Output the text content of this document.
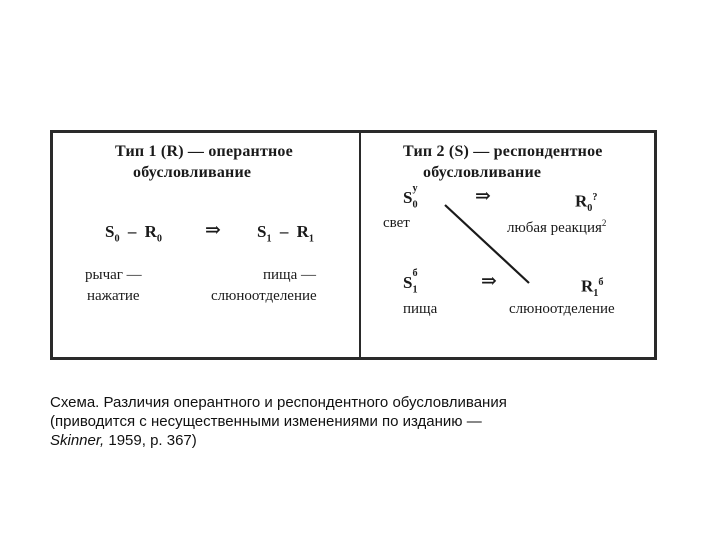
Тип 1 (R) — оперантное
обусловливание
$S_0 - R_0$ ⇒ $S_1 - R_1$
рычаг —
нажатие
пища —
слюноотделение
Тип 2 (S) — респондентное
обусловливание
S y
$_0$	⇒	$R_0^?$
свет	любая реакция$^2$
S б
$_1$	⇒	$R_1^б$
пища	слюноотделение
Схема. Различия оперантного и респондентного обусловливания
(приводится с несущественными изменениями по изданию —
Skinner, 1959, p. 367)
